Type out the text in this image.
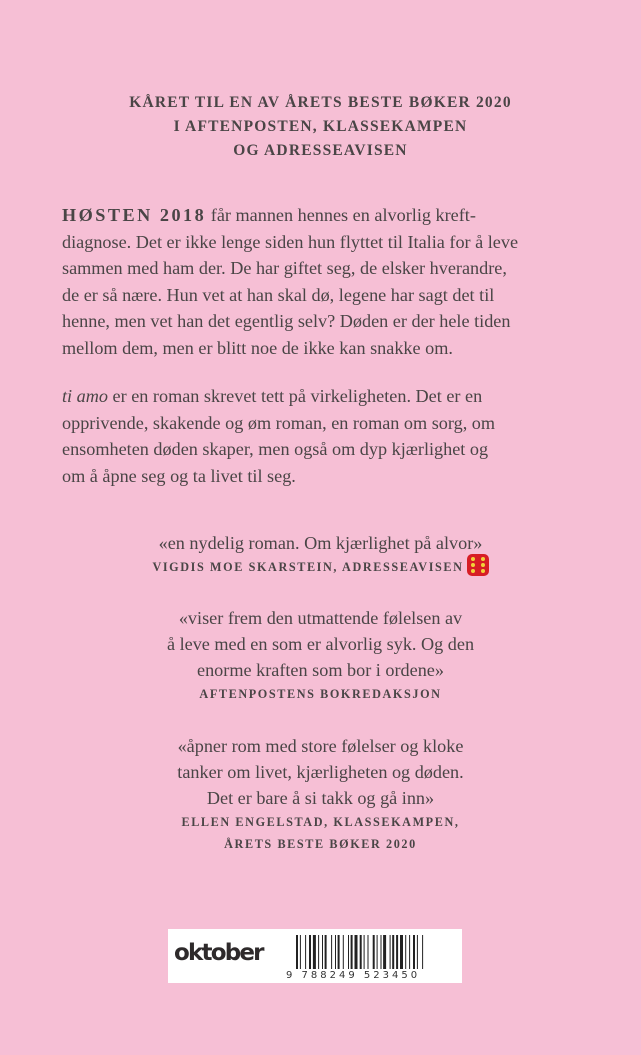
KÅRET TIL EN AV ÅRETS BESTE BØKER 2020
I AFTENPOSTEN, KLASSEKAMPEN
OG ADRESSEAVISEN
HØSTEN 2018 får mannen hennes en alvorlig kreft-
diagnose. Det er ikke lenge siden hun flyttet til Italia for å leve
sammen med ham der. De har giftet seg, de elsker hverandre,
de er så nære. Hun vet at han skal dø, legene har sagt det til
henne, men vet han det egentlig selv? Døden er der hele tiden
mellom dem, men er blitt noe de ikke kan snakke om.
ti amo er en roman skrevet tett på virkeligheten. Det er en
opprivende, skakende og øm roman, en roman om sorg, om
ensomheten døden skaper, men også om dyp kjærlighet og
om å åpne seg og ta livet til seg.
«en nydelig roman. Om kjærlighet på alvor»
VIGDIS MOE SKARSTEIN, ADRESSEAVISEN
«viser frem den utmattende følelsen av
å leve med en som er alvorlig syk. Og den
enorme kraften som bor i ordene»
AFTENPOSTENS BOKREDAKSJON
«åpner rom med store følelser og kloke
tanker om livet, kjærligheten og døden.
Det er bare å si takk og gå inn»
ELLEN ENGELSTAD, KLASSEKAMPEN,
ÅRETS BESTE BØKER 2020
oktober
9 788249 523450
